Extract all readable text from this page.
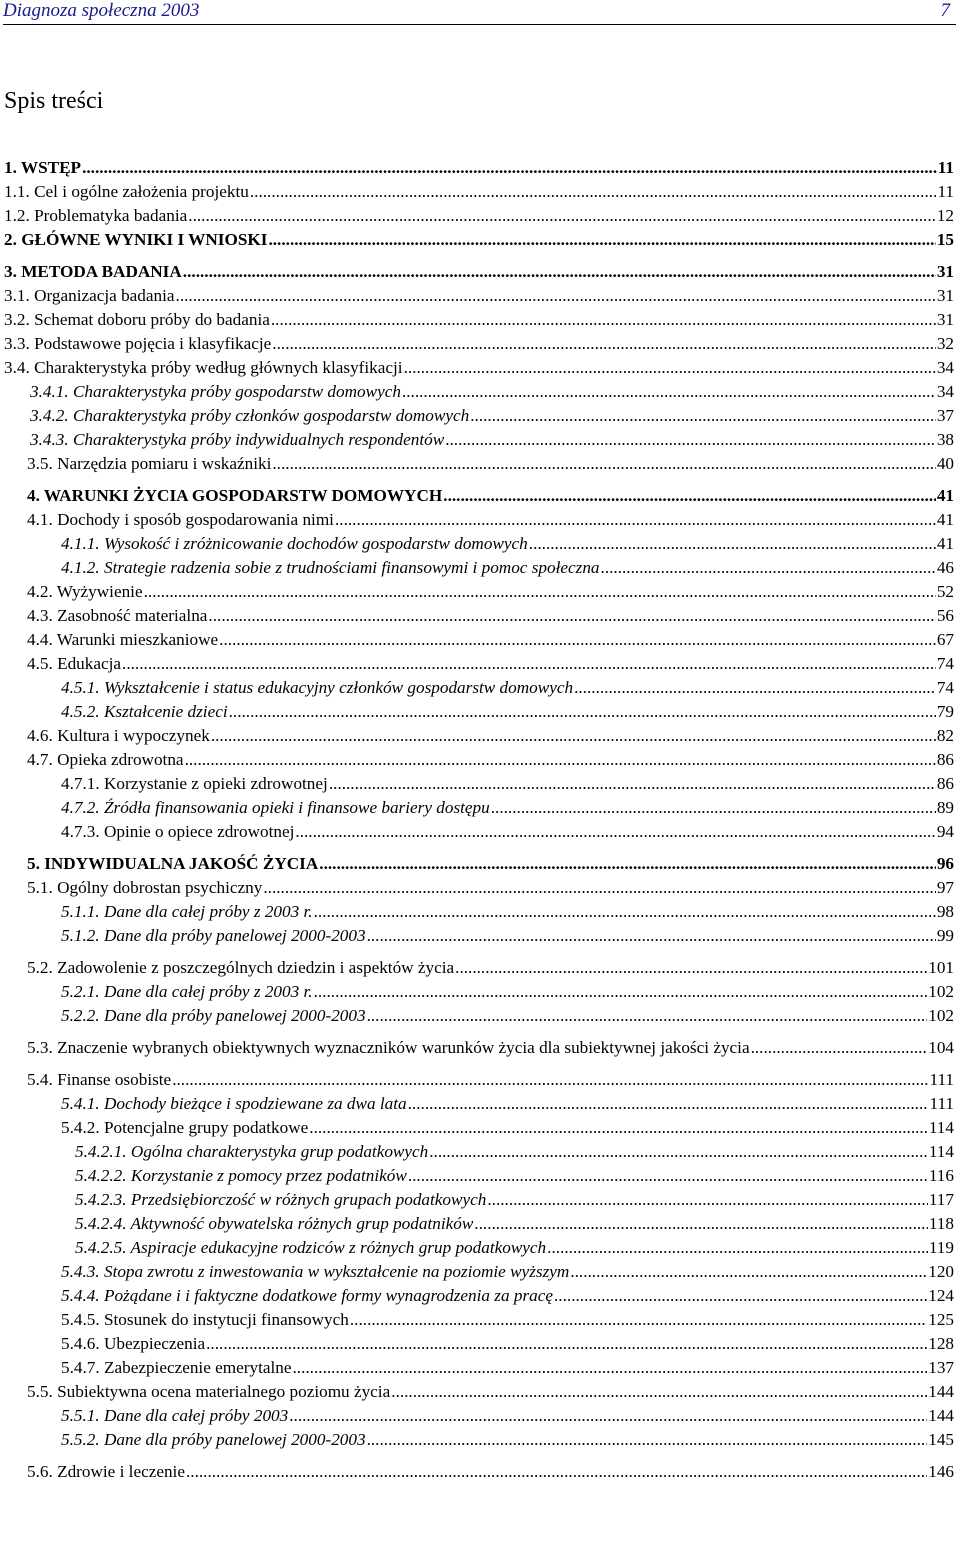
Diagnoza społeczna 2003	7
Spis treści
1. WSTĘP .....	11
1.1. Cel i ogólne założenia projektu .....	11
1.2. Problematyka badania .....	12
2. GŁÓWNE WYNIKI I WNIOSKI .....	15
3. METODA BADANIA .....	31
3.1. Organizacja badania .....	31
3.2. Schemat doboru próby do badania .....	31
3.3. Podstawowe pojęcia i klasyfikacje .....	32
3.4. Charakterystyka próby według głównych klasyfikacji .....	34
3.4.1. Charakterystyka próby gospodarstw domowych .....	34
3.4.2. Charakterystyka próby członków gospodarstw domowych .....	37
3.4.3. Charakterystyka próby indywidualnych respondentów .....	38
3.5. Narzędzia pomiaru i wskaźniki .....	40
4. WARUNKI ŻYCIA GOSPODARSTW DOMOWYCH .....	41
4.1. Dochody i sposób gospodarowania nimi .....	41
4.1.1. Wysokość i zróżnicowanie dochodów gospodarstw domowych .....	41
4.1.2. Strategie radzenia sobie z trudnościami finansowymi i pomoc społeczna .....	46
4.2. Wyżywienie .....	52
4.3. Zasobność materialna .....	56
4.4. Warunki mieszkaniowe .....	67
4.5. Edukacja .....	74
4.5.1. Wykształcenie i status edukacyjny członków gospodarstw domowych .....	74
4.5.2. Kształcenie dzieci .....	79
4.6. Kultura i wypoczynek .....	82
4.7. Opieka zdrowotna .....	86
4.7.1. Korzystanie z opieki zdrowotnej .....	86
4.7.2. Źródła finansowania opieki i finansowe bariery dostępu .....	89
4.7.3. Opinie o opiece zdrowotnej .....	94
5. INDYWIDUALNA JAKOŚĆ ŻYCIA .....	96
5.1. Ogólny dobrostan psychiczny .....	97
5.1.1. Dane dla całej próby z 2003 r. .....	98
5.1.2. Dane dla próby panelowej 2000-2003 .....	99
5.2. Zadowolenie z poszczególnych dziedzin i aspektów życia .....	101
5.2.1. Dane dla całej próby z 2003 r. .....	102
5.2.2. Dane dla próby panelowej 2000-2003 .....	102
5.3. Znaczenie wybranych obiektywnych wyznaczników warunków życia dla subiektywnej jakości życia .....	104
5.4. Finanse osobiste .....	111
5.4.1. Dochody bieżące i spodziewane za dwa lata .....	111
5.4.2. Potencjalne grupy podatkowe .....	114
5.4.2.1. Ogólna charakterystyka grup podatkowych .....	114
5.4.2.2. Korzystanie z pomocy przez podatników .....	116
5.4.2.3. Przedsiębiorczość w różnych grupach podatkowych .....	117
5.4.2.4. Aktywność obywatelska różnych grup podatników .....	118
5.4.2.5. Aspiracje edukacyjne rodziców z różnych grup podatkowych .....	119
5.4.3. Stopa zwrotu z inwestowania w wykształcenie na poziomie wyższym .....	120
5.4.4. Pożądane i i faktyczne dodatkowe formy wynagrodzenia za pracę .....	124
5.4.5. Stosunek do instytucji finansowych .....	125
5.4.6. Ubezpieczenia .....	128
5.4.7. Zabezpieczenie emerytalne .....	137
5.5. Subiektywna ocena materialnego poziomu życia .....	144
5.5.1. Dane dla całej próby 2003 .....	144
5.5.2. Dane dla próby panelowej 2000-2003 .....	145
5.6. Zdrowie i leczenie .....	146
